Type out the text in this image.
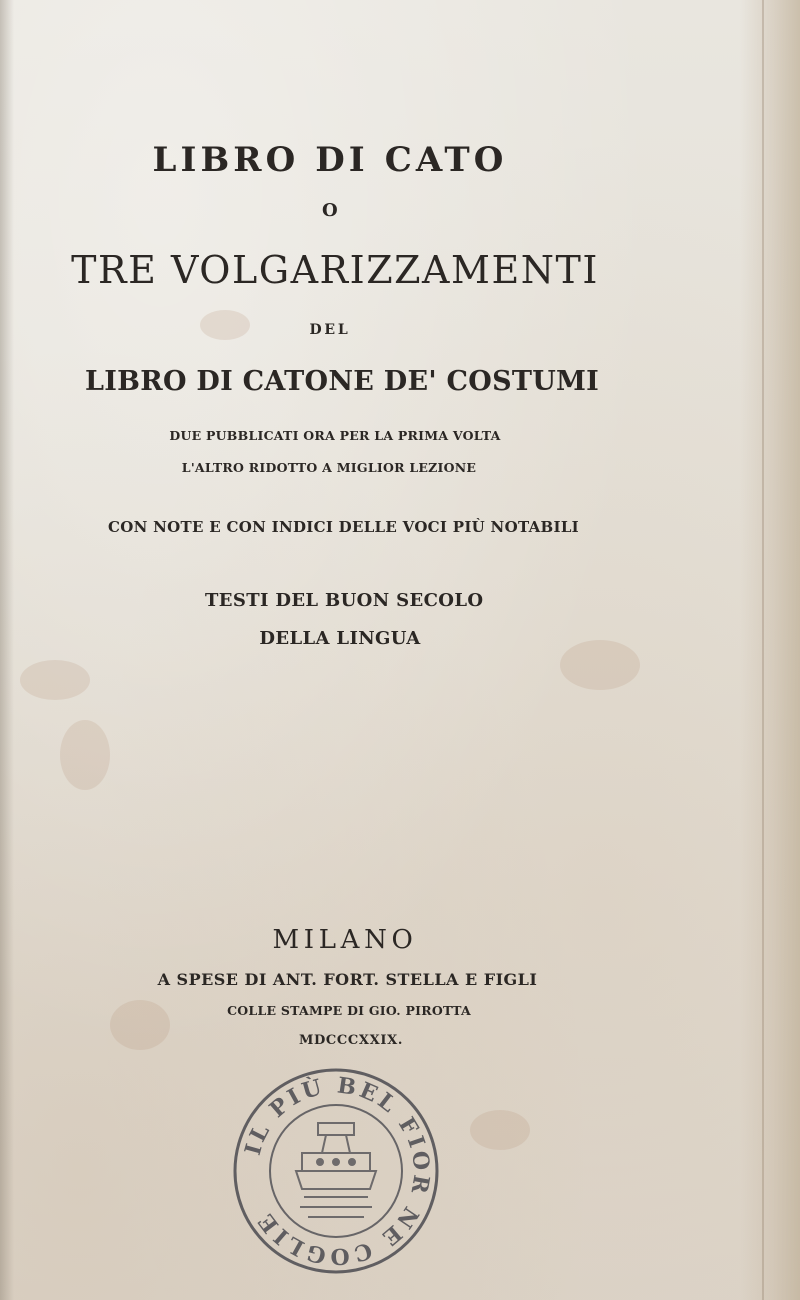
LIBRO DI CATO
O
TRE VOLGARIZZAMENTI
DEL
LIBRO DI CATONE DE' COSTUMI
DUE PUBBLICATI ORA PER LA PRIMA VOLTA
L'ALTRO RIDOTTO A MIGLIOR LEZIONE
CON NOTE E CON INDICI DELLE VOCI PIÙ NOTABILI
TESTI DEL BUON SECOLO
DELLA LINGUA
MILANO
A SPESE DI ANT. FORT. STELLA E FIGLI
COLLE STAMPE DI GIO. PIROTTA
MDCCCXXIX.
IL PIÙ BEL FIOR NE COGLIE
